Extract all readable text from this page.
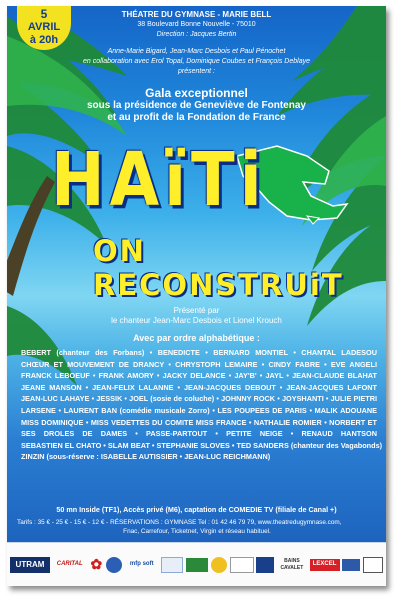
5
AVRIL
à 20h
THÉATRE DU GYMNASE - MARIE BELL
38 Boulevard Bonne Nouvelle - 75010
Direction : Jacques Bertin
Anne-Marie Bigard, Jean-Marc Desbois et Paul Pénochet
en collaboration avec Erol Topal, Dominique Coubes et François Deblaye
présentent :
Gala exceptionnel
sous la présidence de Geneviève de Fontenay
et au profit de la Fondation de France
HAïTi
ON RECONSTRUiT
Présenté par
le chanteur Jean-Marc Desbois et Lionel Krouch
Avec par ordre alphabétique :
BEBERT (chanteur des Forbans) • BENEDICTE • BERNARD MONTIEL • CHANTAL LADESOU
CHŒUR ET MOUVEMENT DE DRANCY • CHRYSTOPH LEMAIRE • CINDY FABRE • EVE ANGELI
FRANCK LEBOEUF • FRANK AMORY • JACKY DELANCE • JAY'B' • JAYL • JEAN-CLAUDE BLAHAT
JEANE MANSON • JEAN-FELIX LALANNE • JEAN-JACQUES DEBOUT • JEAN-JACQUES LAFONT
JEAN-LUC LAHAYE • JESSIK • JOEL (sosie de coluche) • JOHNNY ROCK • JOYSHANTI • JULIE PIETRI
LARSENE • LAURENT BAN (comédie musicale Zorro) • LES POUPEES DE PARIS • MALIK ADOUANE
MISS DOMINIQUE • MISS VEDETTES DU COMITE MISS FRANCE • NATHALIE ROMIER • NORBERT ET
SES DROLES DE DAMES • PASSE-PARTOUT • PETITE NEIGE • RENAUD HANTSON
SEBASTIEN EL CHATO • SLAM BEAT • STEPHANIE SLOVES • TED SANDERS (chanteur des Vagabonds)
ZINZIN (sous-réserve : ISABELLE AUTISSIER • JEAN-LUC REICHMANN)
50 mn Inside (TF1), Accès privé (M6), captation de COMEDIE TV (filiale de Canal +)
Tarifs : 35 € - 25 € - 15 € - 12 € - RÉSERVATIONS : GYMNASE Tel : 01 42 46 79 79, www.theatredugymnase.com,
Fnac, Carrefour, Ticketnet, Virgin et réseau habituel.
UTRAM CARITAL ✿	mfp soft
BAINS CAVALET
LEXCEL
